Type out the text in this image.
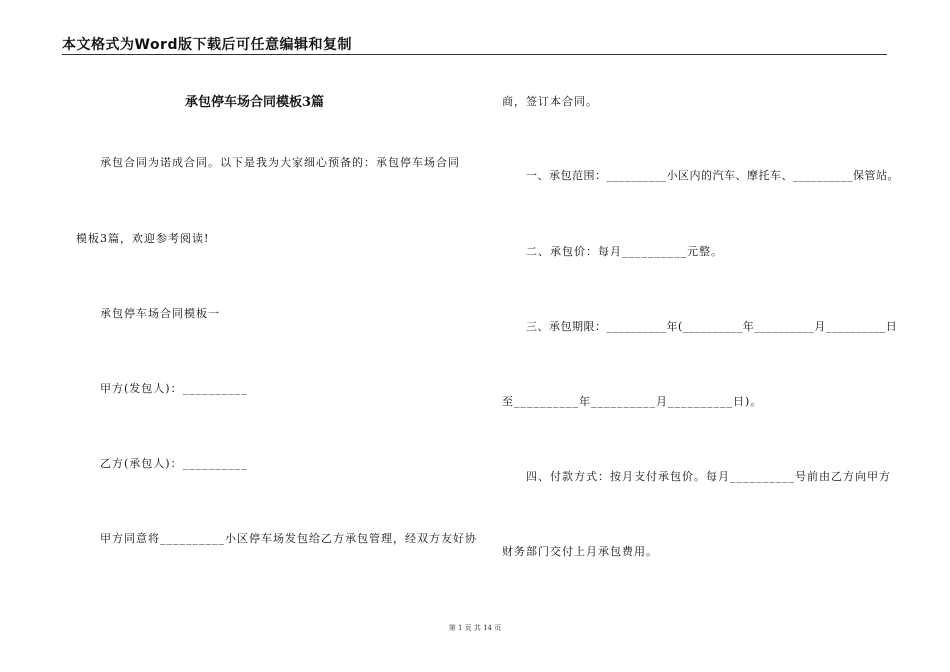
本文格式为Word版下载后可任意编辑和复制
承包停车场合同模板3篇
承包合同为诺成合同。以下是我为大家细心预备的：承包停车场合同
模板3篇，欢迎参考阅读!
承包停车场合同模板一
甲方(发包人)：__________
乙方(承包人)：__________
甲方同意将__________小区停车场发包给乙方承包管理，经双方友好协
商，签订本合同。
一、承包范围：__________小区内的汽车、摩托车、__________保管站。
二、承包价：每月__________元整。
三、承包期限：__________年(__________年__________月__________日
至__________年__________月__________日)。
四、付款方式：按月支付承包价。每月__________号前由乙方向甲方
财务部门交付上月承包费用。
第 1 页 共 14 页
